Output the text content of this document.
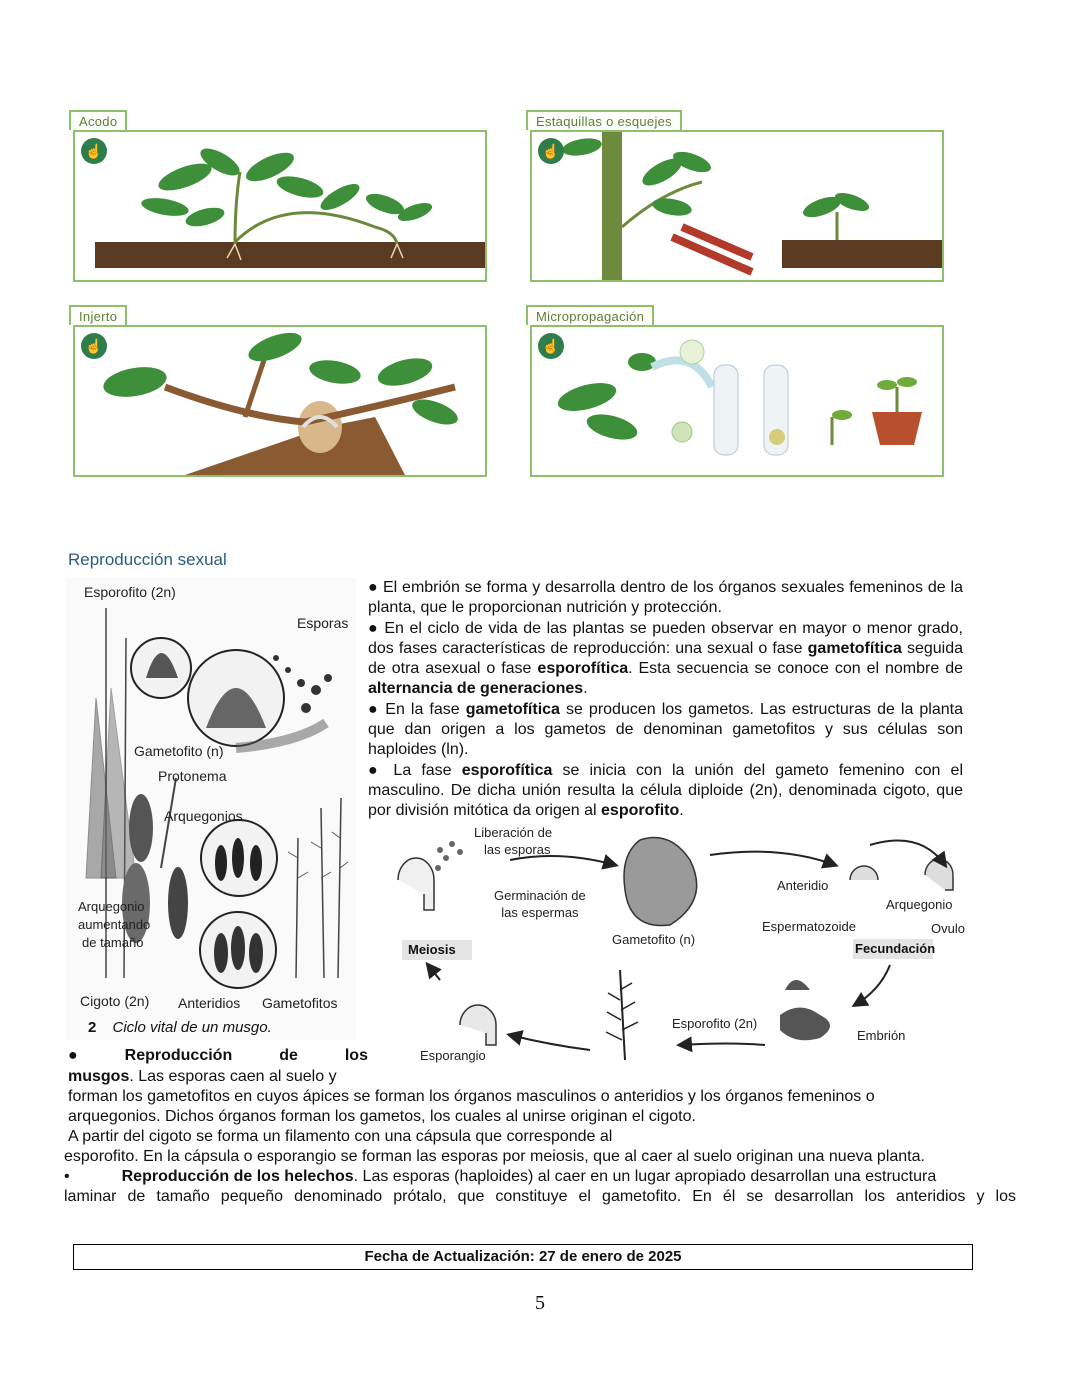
Acodo
☝
Estaquillas o esquejes
☝
Injerto
☝
Micropropagación
☝
Reproducción sexual
Esporofito (2n)
Esporas
Gametofito (n)
Protonema
Arquegonios
Arquegonio
aumentando
de tamaño
Cigoto (2n) Anteridios Gametofitos
2 Ciclo vital de un musgo.
● El embrión se forma y desarrolla dentro de los órganos sexuales femeninos de la planta, que le proporcionan nutrición y protección.
● En el ciclo de vida de las plantas se pueden observar en mayor o menor grado, dos fases características de reproducción: una sexual o fase gametofítica seguida de otra asexual o fase esporofítica. Esta secuencia se conoce con el nombre de alternancia de generaciones.
● En la fase gametofítica se producen los gametos. Las estructuras de la planta que dan origen a los gametos de denominan gametofitos y sus células son haploides (ln).
● La fase esporofítica se inicia con la unión del gameto femenino con el masculino. De dicha unión resulta la célula diploide (2n), denominada cigoto, que por división mitótica da origen al esporofito.
Liberación de
las esporas
Germinación de
las espermas
Gametofito (n)
Anteridio
Arquegonio
Espermatozoide	Ovulo
Meiosis	Fecundación
Esporofito (2n)
Embrión
Esporangio
●	Reproducción	de	los
musgos. Las esporas caen al suelo y
forman los gametofitos en cuyos ápices se forman los órganos masculinos o anteridios y los órganos femeninos o
arquegonios. Dichos órganos forman los gametos, los cuales al unirse originan el cigoto.
A partir del cigoto se forma un filamento con una cápsula que corresponde al
esporofito. En la cápsula o esporangio se forman las esporas por meiosis, que al caer al suelo originan una nueva planta.
•	Reproducción de los helechos. Las esporas (haploides) al caer en un lugar apropiado desarrollan una estructura
laminar de tamaño pequeño denominado prótalo, que constituye el gametofito. En él se desarrollan los anteridios y los
Fecha de Actualización: 27 de enero de 2025
5
